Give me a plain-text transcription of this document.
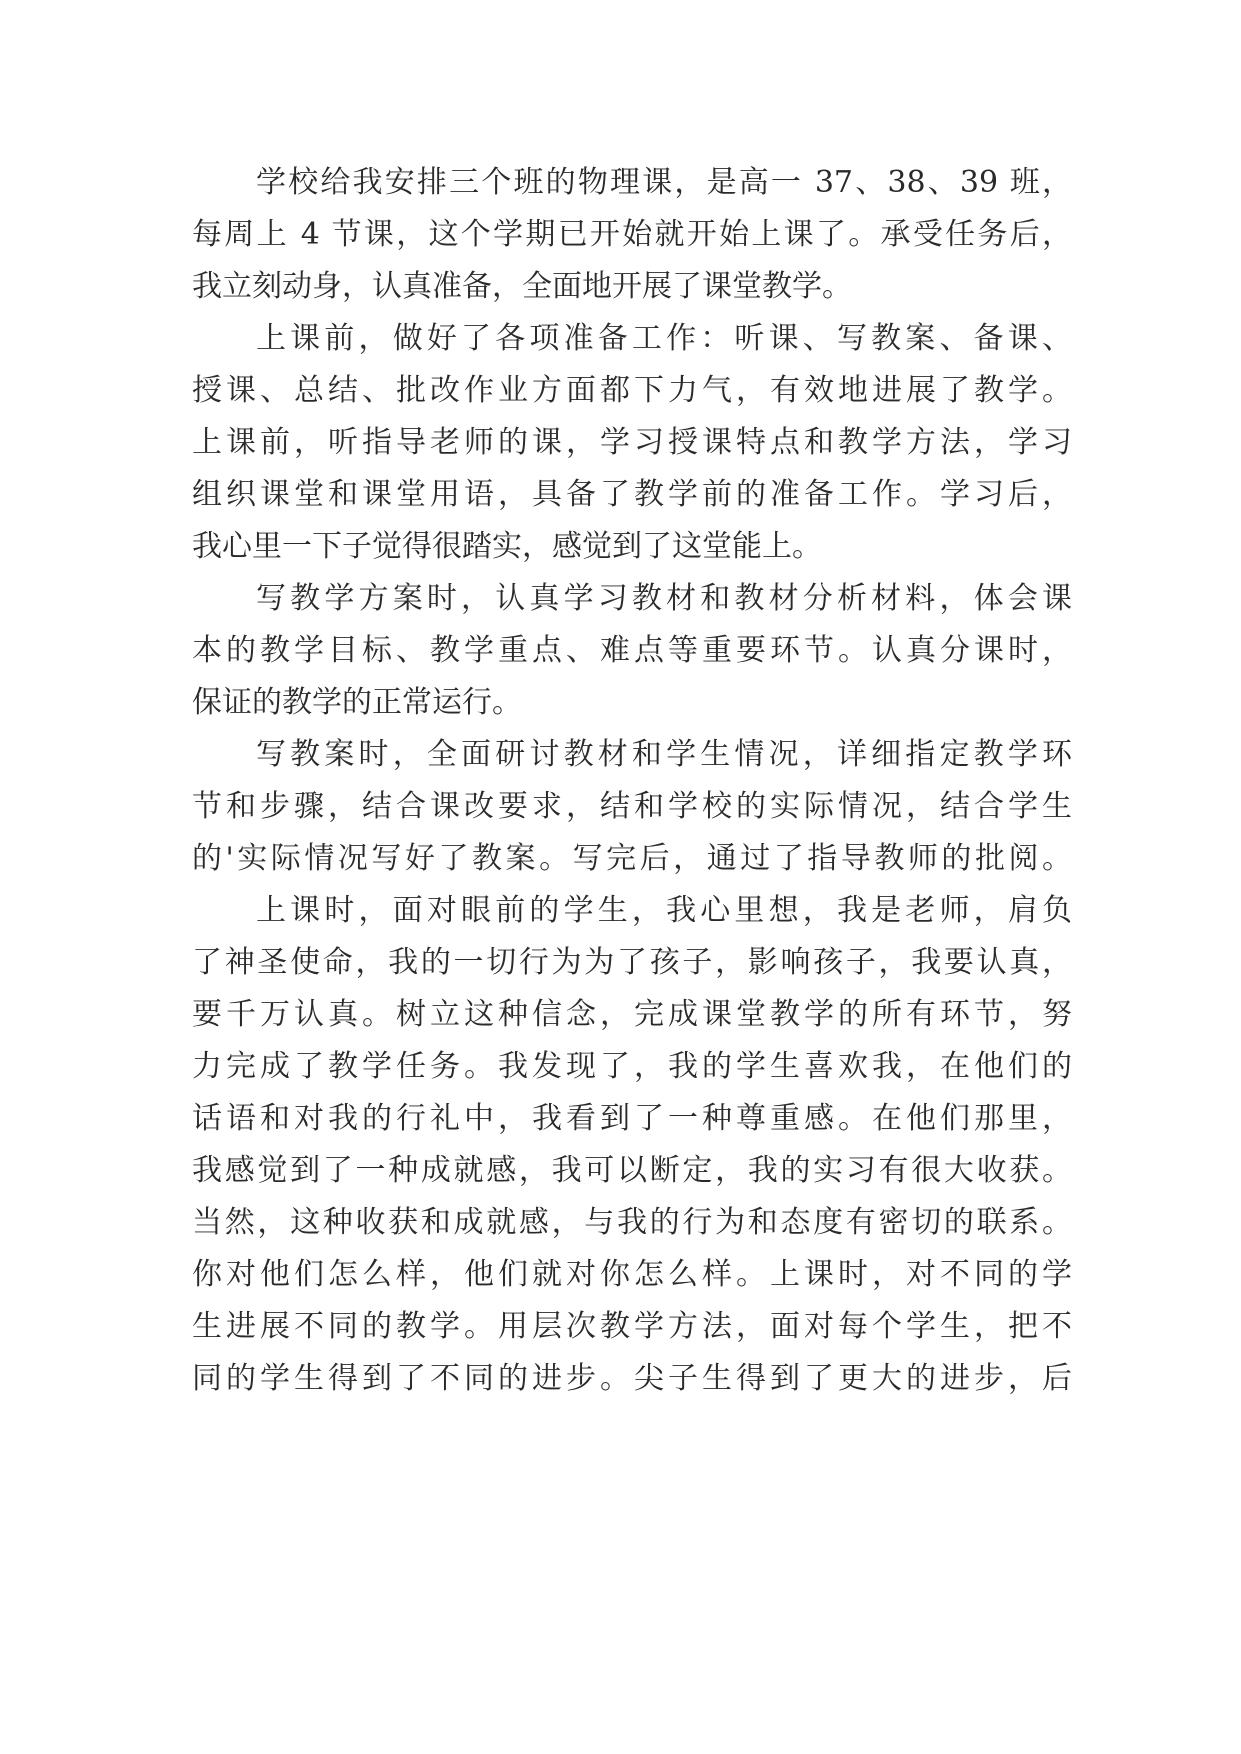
学校给我安排三个班的物理课，是高一 37、38、39 班，
每周上 4 节课，这个学期已开始就开始上课了。承受任务后，
我立刻动身，认真准备，全面地开展了课堂教学。
上课前，做好了各项准备工作：听课、写教案、备课、
授课、总结、批改作业方面都下力气，有效地进展了教学。
上课前，听指导老师的课，学习授课特点和教学方法，学习
组织课堂和课堂用语，具备了教学前的准备工作。学习后，
我心里一下子觉得很踏实，感觉到了这堂能上。
写教学方案时，认真学习教材和教材分析材料，体会课
本的教学目标、教学重点、难点等重要环节。认真分课时，
保证的教学的正常运行。
写教案时，全面研讨教材和学生情况，详细指定教学环
节和步骤，结合课改要求，结和学校的实际情况，结合学生
的'实际情况写好了教案。写完后，通过了指导教师的批阅。
上课时，面对眼前的学生，我心里想，我是老师，肩负
了神圣使命，我的一切行为为了孩子，影响孩子，我要认真，
要千万认真。树立这种信念，完成课堂教学的所有环节，努
力完成了教学任务。我发现了，我的学生喜欢我，在他们的
话语和对我的行礼中，我看到了一种尊重感。在他们那里，
我感觉到了一种成就感，我可以断定，我的实习有很大收获。
当然，这种收获和成就感，与我的行为和态度有密切的联系。
你对他们怎么样，他们就对你怎么样。上课时，对不同的学
生进展不同的教学。用层次教学方法，面对每个学生，把不
同的学生得到了不同的进步。尖子生得到了更大的进步，后
